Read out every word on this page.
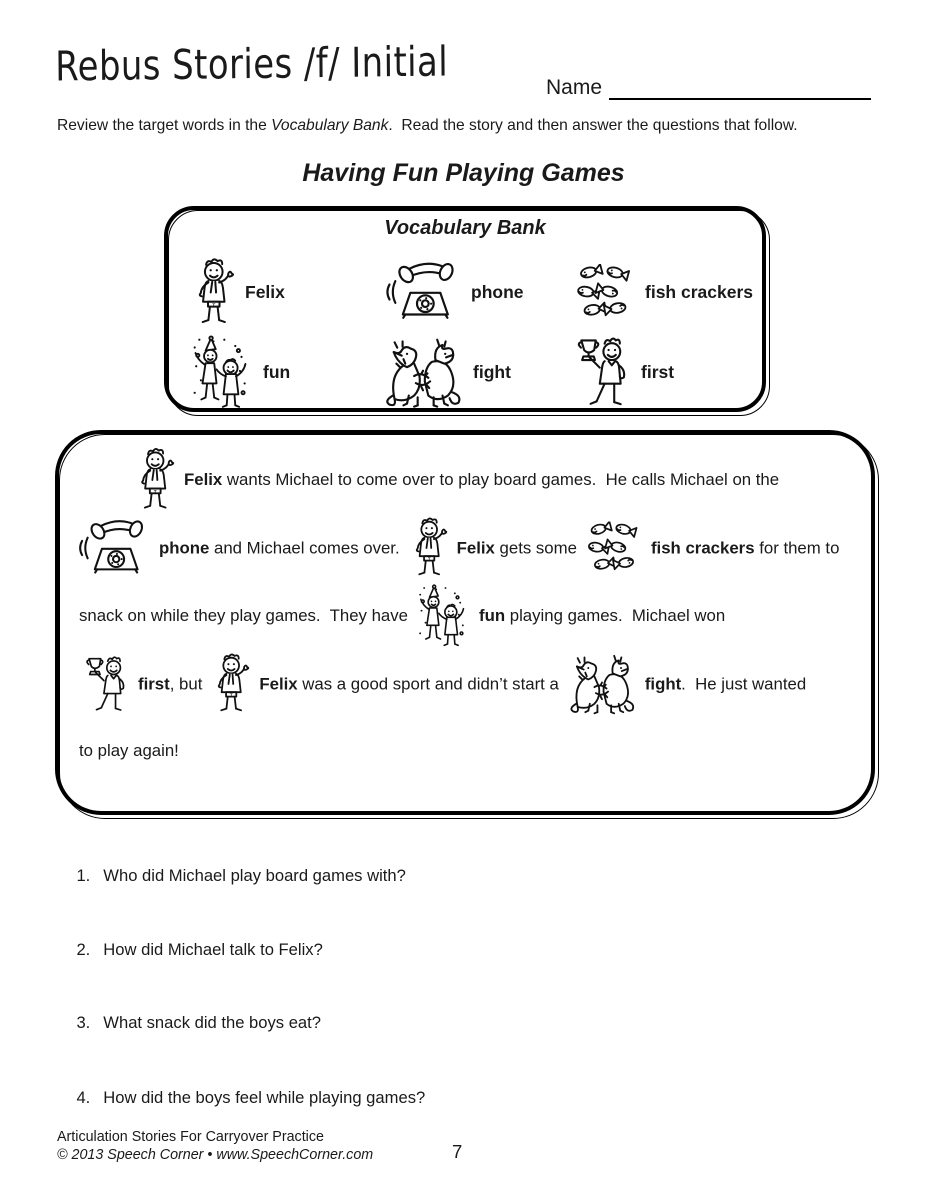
Rebus Stories /f/ Initial	Name
Review the target words in the Vocabulary Bank.  Read the story and then answer the questions that follow.
Having Fun Playing Games
Vocabulary Bank
Felix	phone	fish crackers
fun	fight	first
Felix wants Michael to come over to play board games.  He calls Michael on the
phone and Michael comes over.	Felix gets some	fish crackers for them to
snack on while they play games.  They have	fun playing games.  Michael won
first , but	Felix was a good sport and didn’t start a	fight .  He just wanted
to play again!

1. Who did Michael play board games with?

2. How did Michael talk to Felix?

3. What snack did the boys eat?

4. How did the boys feel while playing games?

Articulation Stories For Carryover Practice
© 2013 Speech Corner • www.SpeechCorner.com	7
